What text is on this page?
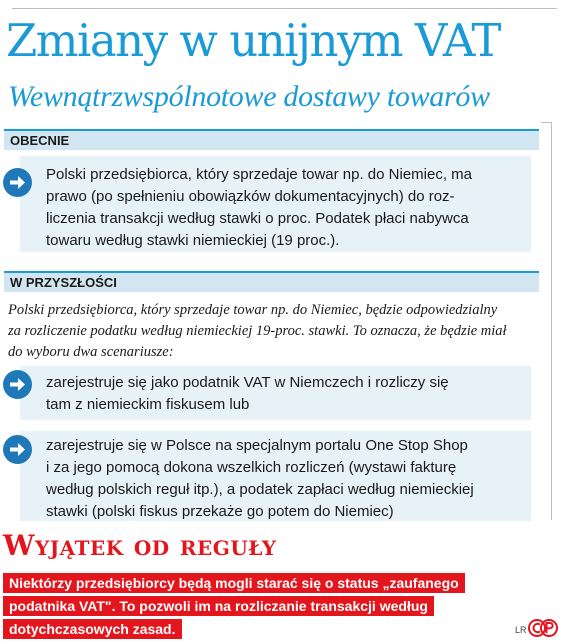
Zmiany w unijnym VAT
Wewnątrzwspólnotowe dostawy towarów
OBECNIE
Polski przedsiębiorca, który sprzedaje towar np. do Niemiec, ma
prawo (po spełnieniu obowiązków dokumentacyjnych) do roz-
liczenia transakcji według stawki o proc. Podatek płaci nabywca
towaru według stawki niemieckiej (19 proc.).
W PRZYSZŁOŚCI
Polski przedsiębiorca, który sprzedaje towar np. do Niemiec, będzie odpowiedzialny
za rozliczenie podatku według niemieckiej 19-proc. stawki. To oznacza, że będzie miał
do wyboru dwa scenariusze:
zarejestruje się jako podatnik VAT w Niemczech i rozliczy się
tam z niemieckim fiskusem lub
zarejestruje się w Polsce na specjalnym portalu One Stop Shop
i za jego pomocą dokona wszelkich rozliczeń (wystawi fakturę
według polskich reguł itp.), a podatek zapłaci według niemieckiej
stawki (polski fiskus przekaże go potem do Niemiec)
Wyjątek od reguły
Niektórzy przedsiębiorcy będą mogli starać się o status „zaufanego
podatnika VAT". To pozwoli im na rozliczanie transakcji według
dotychczasowych zasad.	LR
